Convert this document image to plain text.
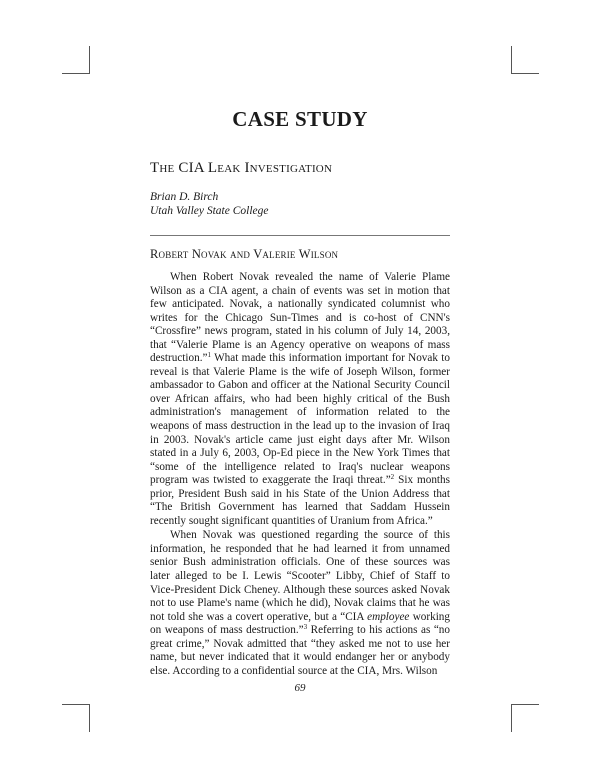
CASE STUDY
The CIA Leak Investigation
Brian D. Birch
Utah Valley State College
Robert Novak and Valerie Wilson

When Robert Novak revealed the name of Valerie Plame Wilson as a CIA agent, a chain of events was set in motion that few anticipated. Novak, a nationally syndicated columnist who writes for the Chicago Sun-Times and is co-host of CNN's “Crossfire” news program, stated in his column of July 14, 2003, that “Valerie Plame is an Agency operative on weapons of mass destruction.”$^1$ What made this information important for Novak to reveal is that Valerie Plame is the wife of Joseph Wilson, former ambassador to Gabon and officer at the National Security Council over African affairs, who had been highly critical of the Bush administration's management of information related to the weapons of mass destruction in the lead up to the invasion of Iraq in 2003. Novak's article came just eight days after Mr. Wilson stated in a July 6, 2003, Op-Ed piece in the New York Times that “some of the intelligence related to Iraq's nuclear weapons program was twisted to exaggerate the Iraqi threat.”$^2$ Six months prior, President Bush said in his State of the Union Address that “The British Government has learned that Saddam Hussein recently sought significant quantities of Uranium from Africa.”

When Novak was questioned regarding the source of this information, he responded that he had learned it from unnamed senior Bush administration officials. One of these sources was later alleged to be I. Lewis “Scooter” Libby, Chief of Staff to Vice-President Dick Cheney. Although these sources asked Novak not to use Plame's name (which he did), Novak claims that he was not told she was a covert operative, but a “CIA employee working on weapons of mass destruction.”$^3$ Referring to his actions as “no great crime,” Novak admitted that “they asked me not to use her name, but never indicated that it would endanger her or anybody else. According to a confidential source at the CIA, Mrs. Wilson

69
